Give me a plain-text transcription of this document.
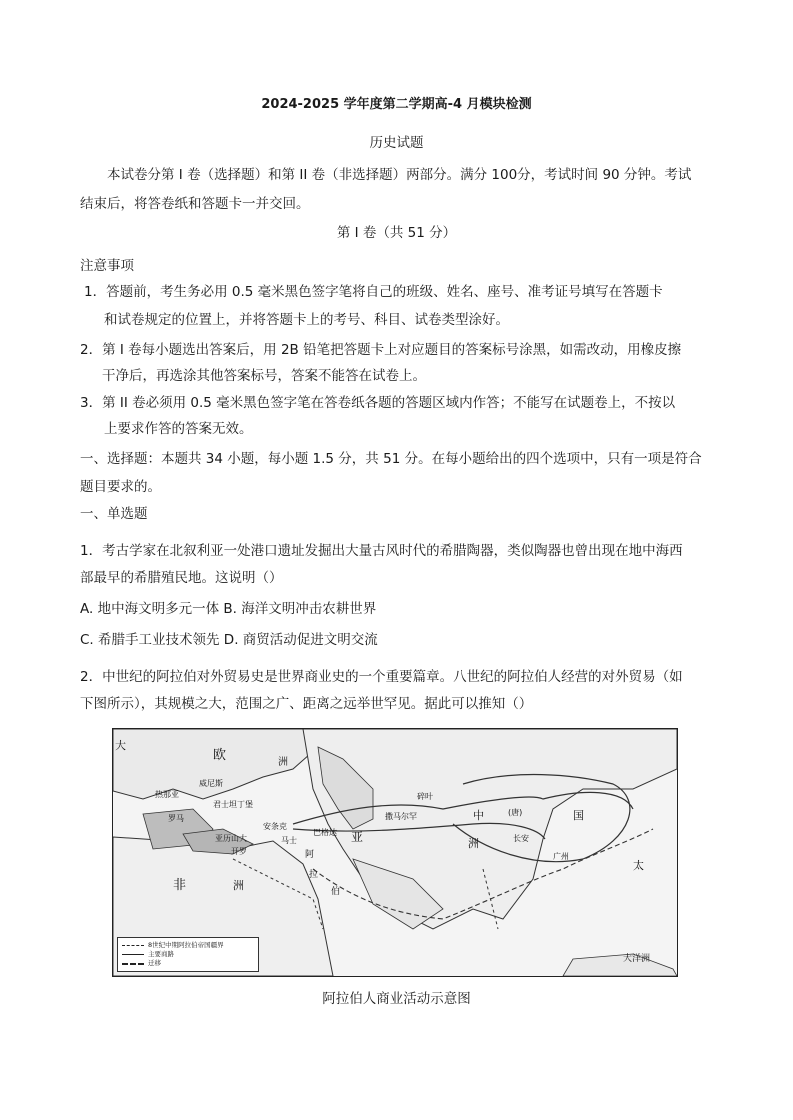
2024-2025 学年度第二学期高-4 月模块检测
历史试题
本试卷分第 I 卷（选择题）和第 II 卷（非选择题）两部分。满分 100分，考试时间 90 分钟。考试
结束后，将答卷纸和答题卡一并交回。
第 I 卷（共 51 分）
注意事项
1．答题前，考生务必用 0.5 毫米黑色签字笔将自己的班级、姓名、座号、准考证号填写在答题卡
和试卷规定的位置上，并将答题卡上的考号、科目、试卷类型涂好。
2．第 I 卷每小题选出答案后，用 2B 铅笔把答题卡上对应题目的答案标号涂黑，如需改动，用橡皮擦
干净后，再选涂其他答案标号，答案不能答在试卷上。
3．第 II 卷必须用 0.5 毫米黑色签字笔在答卷纸各题的答题区域内作答；不能写在试题卷上，不按以
上要求作答的答案无效。
一、选择题：本题共 34 小题，每小题 1.5 分，共 51 分。在每小题给出的四个选项中，只有一项是符合
题目要求的。
一、单选题
1．考古学家在北叙利亚一处港口遗址发掘出大量古风时代的希腊陶器，类似陶器也曾出现在地中海西
部最早的希腊殖民地。这说明（）
A. 地中海文明多元一体 B. 海洋文明冲击农耕世界
C. 希腊手工业技术领先 D. 商贸活动促进文明交流
2．中世纪的阿拉伯对外贸易史是世界商业史的一个重要篇章。八世纪的阿拉伯人经营的对外贸易（如
下图所示），其规模之大，范围之广、距离之远举世罕见。据此可以推知（）
欧	洲
威尼斯
热那亚
君士坦丁堡
罗马
安条克
巴格达 亚
亚历山大	马士
开罗
非	洲
阿
拉
伯
碎叶
中	(唐)	国
撒马尔罕
长安
洲
广州
大
太
大洋洲
8世纪中期阿拉伯帝国疆界
主要商路
迁移
阿拉伯人商业活动示意图
